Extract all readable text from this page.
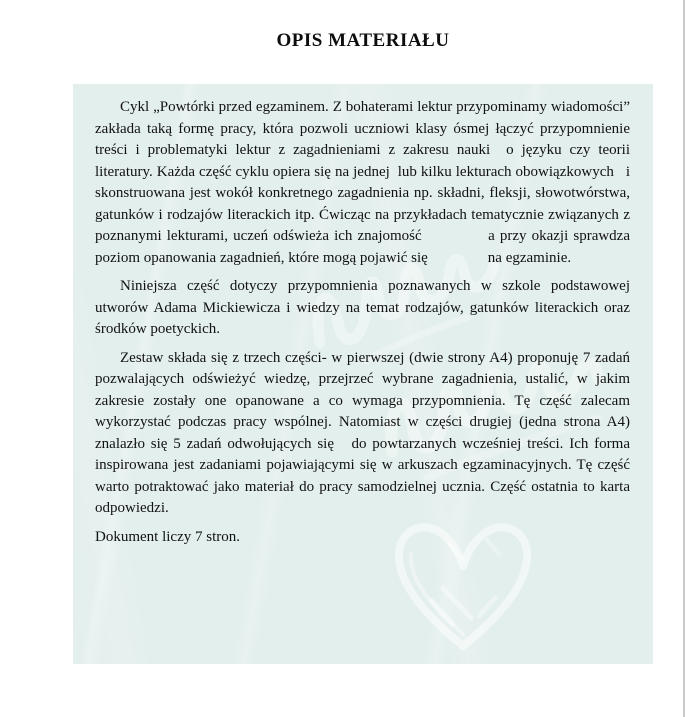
OPIS MATERIAŁU

Cykl „Powtórki przed egzaminem. Z bohaterami lektur przypominamy wiadomości” zakłada taką formę pracy, która pozwoli uczniowi klasy ósmej łączyć przypomnienie treści i problematyki lektur z zagadnieniami z zakresu nauki  o języku czy teorii literatury. Każda część cyklu opiera się na jednej  lub kilku lekturach obowiązkowych   i skonstruowana jest wokół konkretnego zagadnienia np. składni, fleksji, słowotwórstwa, gatunków i rodzajów literackich itp. Ćwicząc na przykładach tematycznie związanych z poznanymi lekturami, uczeń odświeża ich znajomość             a przy okazji sprawdza poziom opanowania zagadnień, które mogą pojawić się                na egzaminie.

Niniejsza część dotyczy przypomnienia poznawanych w szkole podstawowej utworów Adama Mickiewicza i wiedzy na temat rodzajów, gatunków literackich oraz środków poetyckich.

Zestaw składa się z trzech części- w pierwszej (dwie strony A4) proponuję 7 zadań pozwalających odświeżyć wiedzę, przejrzeć wybrane zagadnienia, ustalić, w jakim zakresie zostały one opanowane a co wymaga przypomnienia. Tę część zalecam wykorzystać podczas pracy wspólnej. Natomiast w części drugiej (jedna strona A4) znalazło się 5 zadań odwołujących się   do powtarzanych wcześniej treści. Ich forma inspirowana jest zadaniami pojawiającymi się w arkuszach egzaminacyjnych. Tę część warto potraktować jako materiał do pracy samodzielnej ucznia. Część ostatnia to karta odpowiedzi.

Dokument liczy 7 stron.
